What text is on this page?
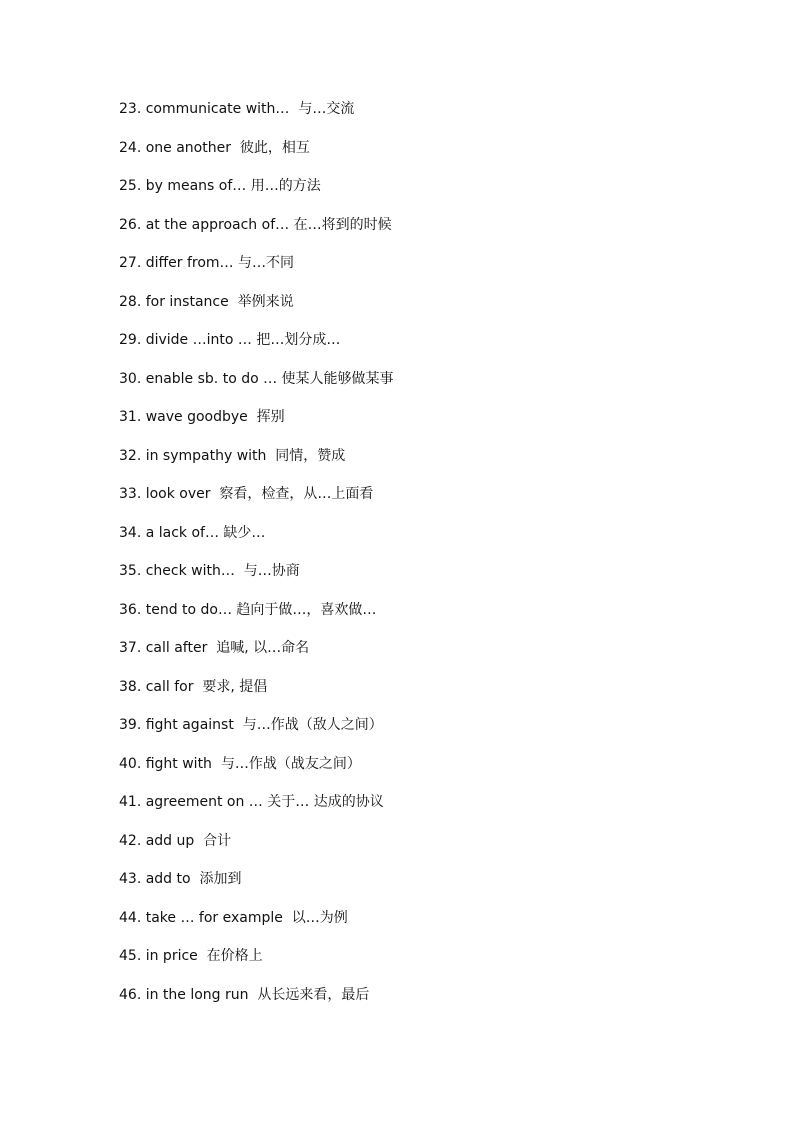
23. communicate with…  与…交流
24. one another  彼此，相互
25. by means of… 用…的方法
26. at the approach of… 在…将到的时候
27. differ from… 与…不同
28. for instance  举例来说
29. divide …into … 把…划分成…
30. enable sb. to do … 使某人能够做某事
31. wave goodbye  挥别
32. in sympathy with  同情，赞成
33. look over  察看，检查，从…上面看
34. a lack of… 缺少…
35. check with…  与…协商
36. tend to do… 趋向于做…，喜欢做…
37. call after  追喊, 以…命名
38. call for  要求, 提倡
39. fight against  与…作战（敌人之间）
40. fight with  与…作战（战友之间）
41. agreement on … 关于… 达成的协议
42. add up  合计
43. add to  添加到
44. take … for example  以…为例
45. in price  在价格上
46. in the long run  从长远来看，最后
